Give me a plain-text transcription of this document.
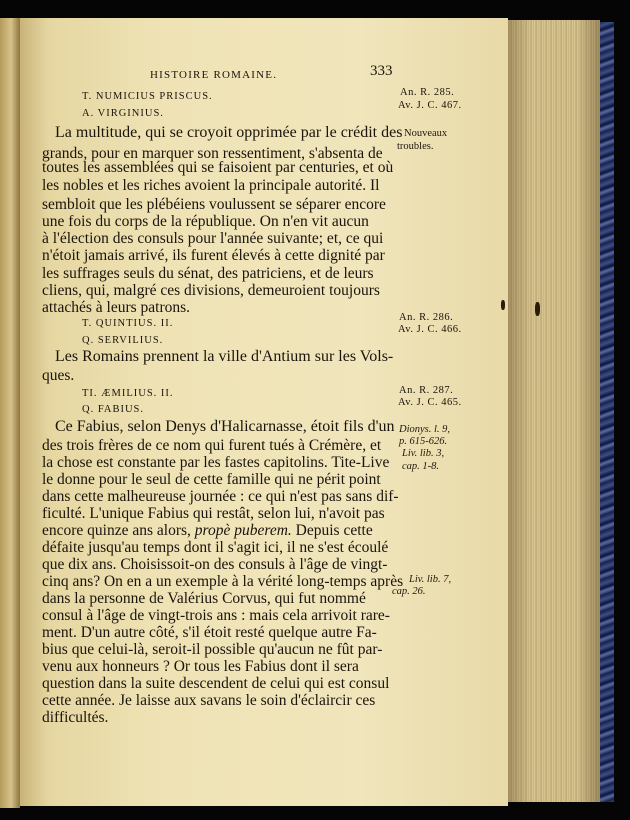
HISTOIRE ROMAINE.	333
T. NUMICIUS PRISCUS.
A. VIRGINIUS.
An. R. 285.
Av. J. C. 467.
Nouveaux
troubles.
La multitude, qui se croyoit opprimée par le crédit des
grands, pour en marquer son ressentiment, s'absenta de
toutes les assemblées qui se faisoient par centuries, et où
les nobles et les riches avoient la principale autorité. Il
sembloit que les plébéiens voulussent se séparer encore
une fois du corps de la république. On n'en vit aucun
à l'élection des consuls pour l'année suivante; et, ce qui
n'étoit jamais arrivé, ils furent élevés à cette dignité par
les suffrages seuls du sénat, des patriciens, et de leurs
cliens, qui, malgré ces divisions, demeuroient toujours
attachés à leurs patrons.
T. QUINTIUS. II.
Q. SERVILIUS.
An. R. 286.
Av. J. C. 466.
Les Romains prennent la ville d'Antium sur les Vols-
ques.
TI. ÆMILIUS. II.
Q. FABIUS.
An. R. 287.
Av. J. C. 465.
Dionys. l. 9,
p. 615-626.
Liv. lib. 3,
cap. 1-8.
Liv. lib. 7,
cap. 26.
Ce Fabius, selon Denys d'Halicarnasse, étoit fils d'un
des trois frères de ce nom qui furent tués à Crémère, et
la chose est constante par les fastes capitolins. Tite-Live
le donne pour le seul de cette famille qui ne périt point
dans cette malheureuse journée : ce qui n'est pas sans dif-
ficulté. L'unique Fabius qui restât, selon lui, n'avoit pas
encore quinze ans alors, propè puberem. Depuis cette
défaite jusqu'au temps dont il s'agit ici, il ne s'est écoulé
que dix ans. Choisissoit-on des consuls à l'âge de vingt-
cinq ans? On en a un exemple à la vérité long-temps après
dans la personne de Valérius Corvus, qui fut nommé
consul à l'âge de vingt-trois ans : mais cela arrivoit rare-
ment. D'un autre côté, s'il étoit resté quelque autre Fa-
bius que celui-là, seroit-il possible qu'aucun ne fût par-
venu aux honneurs ? Or tous les Fabius dont il sera
question dans la suite descendent de celui qui est consul
cette année. Je laisse aux savans le soin d'éclaircir ces
difficultés.
